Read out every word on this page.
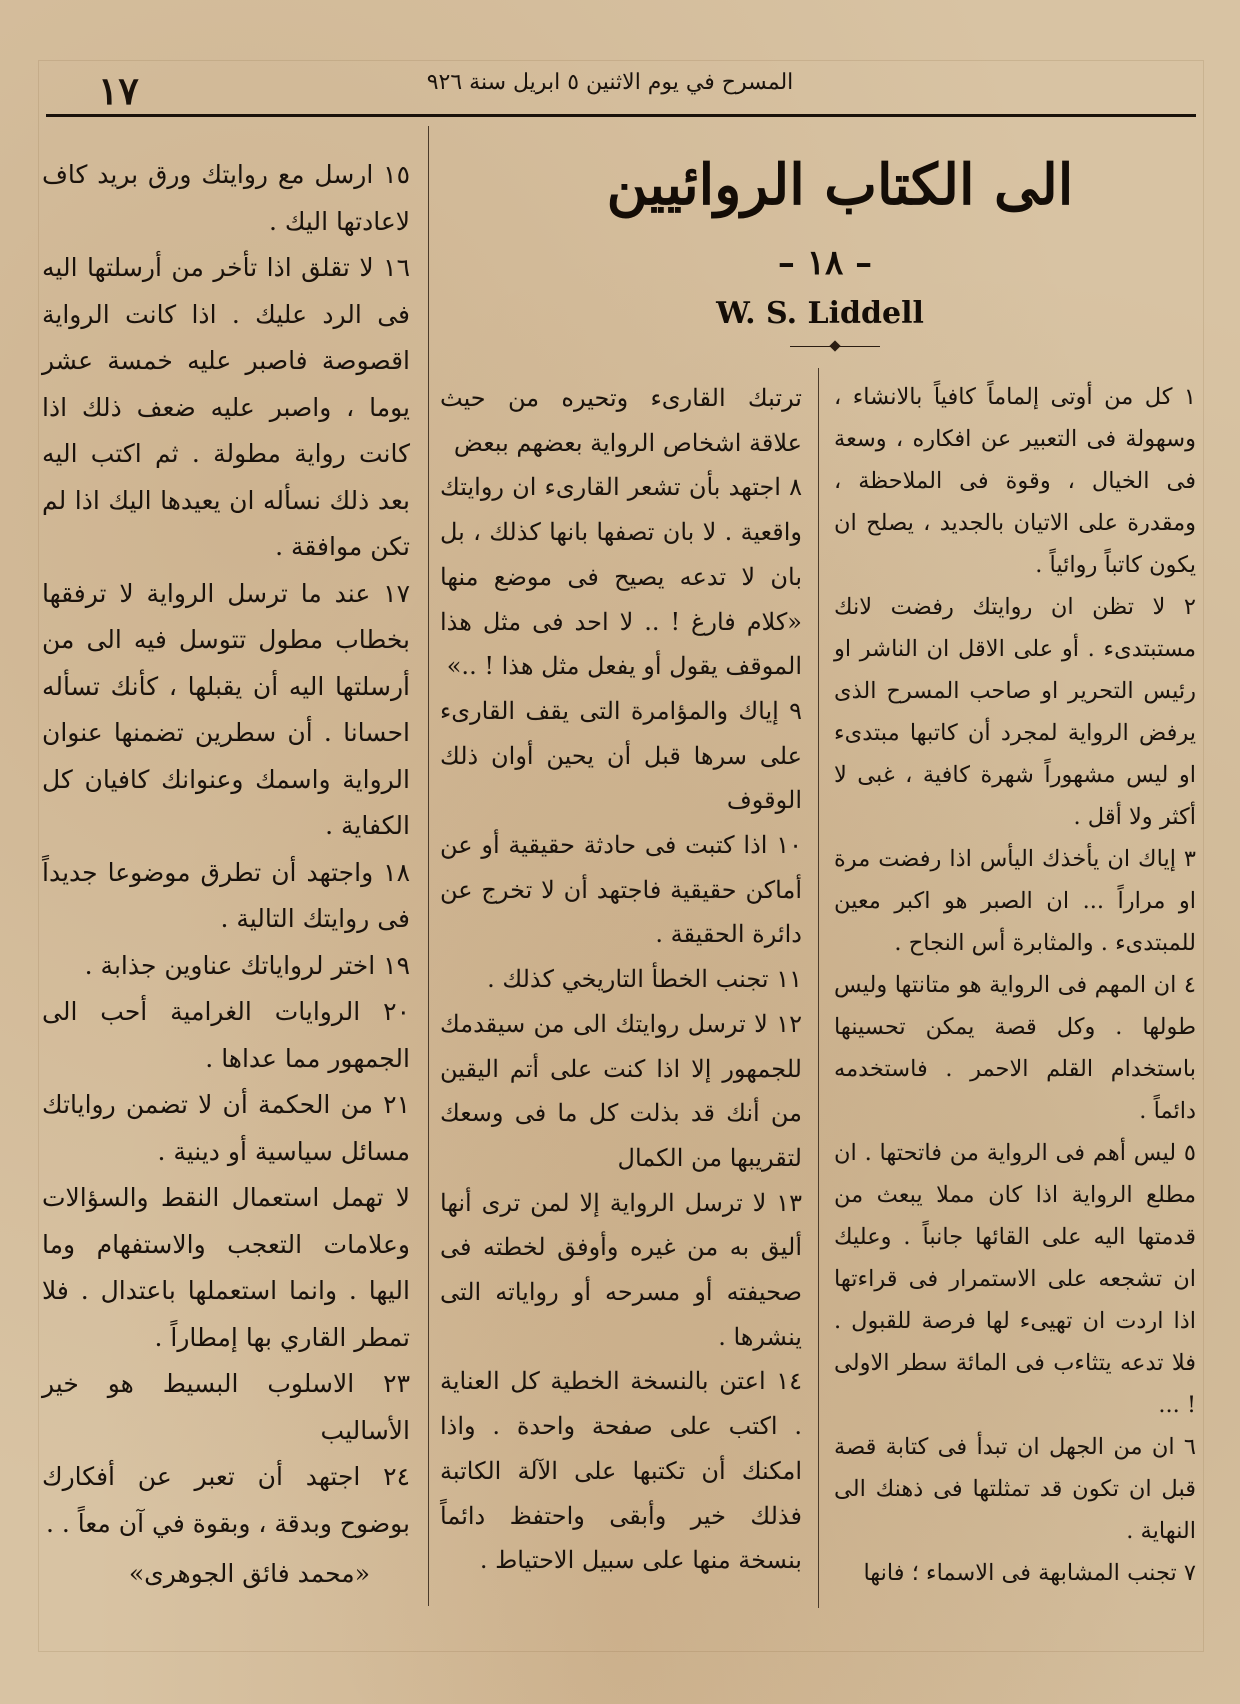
١٧	المسرح في يوم الاثنين ٥ ابريل سنة ٩٢٦
الى الكتاب الروائيين
– ١٨ –
W. S. Liddell

١ كل من أوتى إلماماً كافياً بالانشاء ، وسهولة فى التعبير عن افكاره ، وسعة فى الخيال ، وقوة فى الملاحظة ، ومقدرة على الاتيان بالجديد ، يصلح ان يكون كاتباً روائياً .

٢ لا تظن ان روايتك رفضت لانك مستبتدىء . أو على الاقل ان الناشر او رئيس التحرير او صاحب المسرح الذى يرفض الرواية لمجرد أن كاتبها مبتدىء او ليس مشهوراً شهرة كافية ، غبى لا أكثر ولا أقل .

٣ إياك ان يأخذك اليأس اذا رفضت مرة او مراراً ... ان الصبر هو اكبر معين للمبتدىء . والمثابرة أس النجاح .

٤ ان المهم فى الرواية هو متانتها وليس طولها . وكل قصة يمكن تحسينها باستخدام القلم الاحمر . فاستخدمه دائماً .

٥ ليس أهم فى الرواية من فاتحتها . ان مطلع الرواية اذا كان مملا يبعث من قدمتها اليه على القائها جانباً . وعليك ان تشجعه على الاستمرار فى قراءتها اذا اردت ان تهيىء لها فرصة للقبول . فلا تدعه يتثاءب فى المائة سطر الاولى ! ...

٦ ان من الجهل ان تبدأ فى كتابة قصة قبل ان تكون قد تمثلتها فى ذهنك الى النهاية .

٧ تجنب المشابهة فى الاسماء ؛ فانها

ترتبك القارىء وتحيره من حيث علاقة اشخاص الرواية بعضهم ببعض

٨ اجتهد بأن تشعر القارىء ان روايتك واقعية . لا بان تصفها بانها كذلك ، بل بان لا تدعه يصيح فى موضع منها «كلام فارغ ! .. لا احد فى مثل هذا الموقف يقول أو يفعل مثل هذا ! ..»

٩ إياك والمؤامرة التى يقف القارىء على سرها قبل أن يحين أوان ذلك الوقوف

١٠ اذا كتبت فى حادثة حقيقية أو عن أماكن حقيقية فاجتهد أن لا تخرج عن دائرة الحقيقة .

١١ تجنب الخطأ التاريخي كذلك .

١٢ لا ترسل روايتك الى من سيقدمك للجمهور إلا اذا كنت على أتم اليقين من أنك قد بذلت كل ما فى وسعك لتقريبها من الكمال

١٣ لا ترسل الرواية إلا لمن ترى أنها أليق به من غيره وأوفق لخطته فى صحيفته أو مسرحه أو رواياته التى ينشرها .

١٤ اعتن بالنسخة الخطية كل العناية . اكتب على صفحة واحدة . واذا امكنك أن تكتبها على الآلة الكاتبة فذلك خير وأبقى واحتفظ دائماً بنسخة منها على سبيل الاحتياط .

١٥ ارسل مع روايتك ورق بريد كاف لاعادتها اليك .

١٦ لا تقلق اذا تأخر من أرسلتها اليه فى الرد عليك . اذا كانت الرواية اقصوصة فاصبر عليه خمسة عشر يوما ، واصبر عليه ضعف ذلك اذا كانت رواية مطولة . ثم اكتب اليه بعد ذلك نسأله ان يعيدها اليك اذا لم تكن موافقة .

١٧ عند ما ترسل الرواية لا ترفقها بخطاب مطول تتوسل فيه الى من أرسلتها اليه أن يقبلها ، كأنك تسأله احسانا . أن سطرين تضمنها عنوان الرواية واسمك وعنوانك كافيان كل الكفاية .

١٨ واجتهد أن تطرق موضوعا جديداً فى روايتك التالية .

١٩ اختر لرواياتك عناوين جذابة .

٢٠ الروايات الغرامية أحب الى الجمهور مما عداها .

٢١ من الحكمة أن لا تضمن رواياتك مسائل سياسية أو دينية .

لا تهمل استعمال النقط والسؤالات وعلامات التعجب والاستفهام وما اليها . وانما استعملها باعتدال . فلا تمطر القاري بها إمطاراً .

٢٣ الاسلوب البسيط هو خير الأساليب

٢٤ اجتهد أن تعبر عن أفكارك بوضوح وبدقة ، وبقوة في آن معاً . .

«محمد فائق الجوهرى»
